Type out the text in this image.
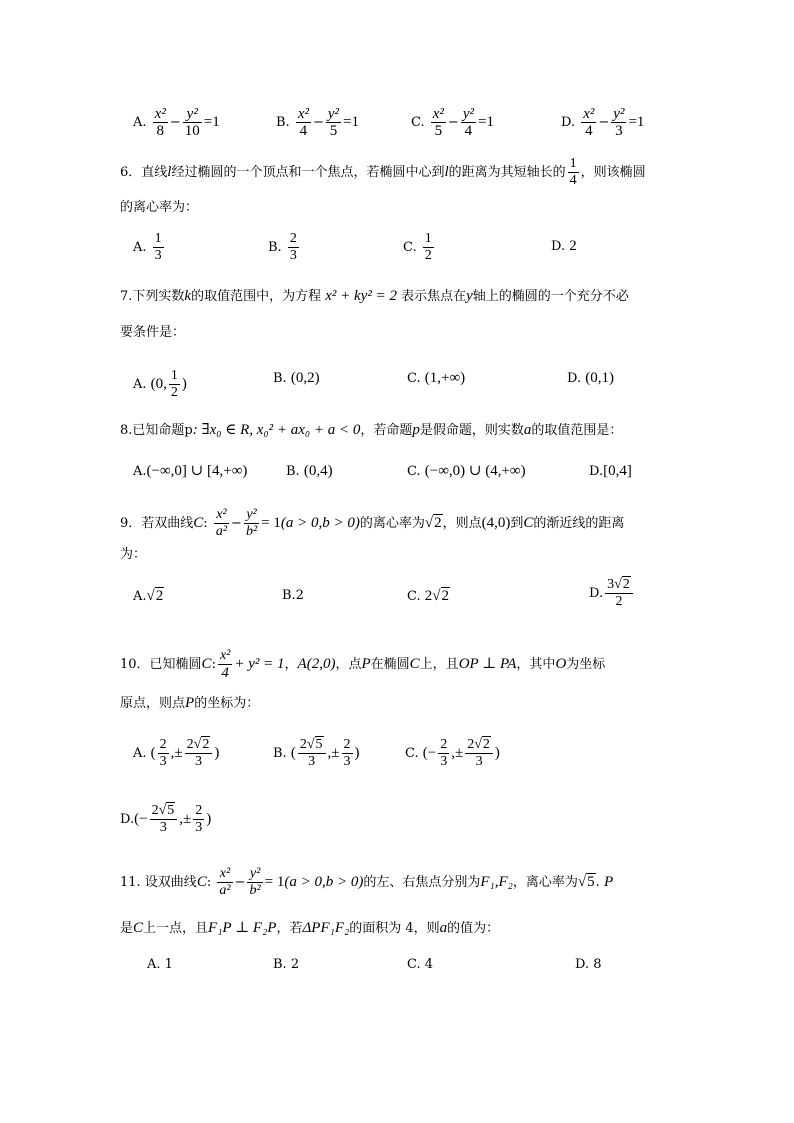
A. $\frac{\text{x²}}{8} - \frac{\text{y²}}{10} =1$	B. $\frac{\text{x²}}{4} - \frac{\text{y²}}{5} =1$	C. $\frac{\text{x²}}{5} - \frac{\text{y²}}{4} =1$	D. $\frac{\text{x²}}{4} - \frac{\text{y²}}{3} =1$
6．直线l经过椭圆的一个顶点和一个焦点，若椭圆中心到l的距离为其短轴长的 $\frac{1}{4}$ ，则该椭圆
的离心率为：
A. $\frac{1}{3}$	B. $\frac{2}{3}$	C. $\frac{1}{2}$	D. 2
7.下列实数k的取值范围中，为方程 x² + ky² = 2 表示焦点在y轴上的椭圆的一个充分不必
要条件是：
A. (0, $\frac{1}{2}$ )	B. (0,2)	C. (1,+∞)	D. (0,1)
8.已知命题p: ∃x₀ ∈ R, x₀² + ax₀ + a < 0，若命题p是假命题，则实数a的取值范围是：
A.(−∞,0] ∪ [4,+∞)	B. (0,4)	C. (−∞,0) ∪ (4,+∞)	D.[0,4]
9．若双曲线C: $\frac{\text{x²}}{\text{a²}} - \frac{\text{y²}}{\text{b²}} = 1(a > 0,b > 0)$的离心率为√2，则点(4,0)到C的渐近线的距离
为：
A.√2	B.2	C. 2√2	D. $\frac{3√2}{2}$
10．已知椭圆C: $\frac{\text{x²}}{4} + y^2 = 1$，A(2,0)，点P在椭圆C上，且OP ⊥ PA，其中O为坐标
原点，则点P的坐标为：
A. ( $\frac{2}{3}$ ,± $\frac{2√2}{3}$ )	B. ( $\frac{2√5}{3}$ ,± $\frac{2}{3}$ )	C. (− $\frac{2}{3}$ ,± $\frac{2√2}{3}$ )
$D.(- \frac{2√5}{3}$ ,± $\frac{2}{3}$ )
11. 设双曲线C: $\frac{\text{x²}}{\text{a²}} - \frac{\text{y²}}{\text{b²}} = 1(a > 0,b > 0)$的左、右焦点分别为F₁,F₂，离心率为√5. P
是C上一点，且F₁P ⊥ F₂P，若ΔPF₁F₂的面积为 4，则a的值为：
A. 1	B. 2	C. 4	D. 8
